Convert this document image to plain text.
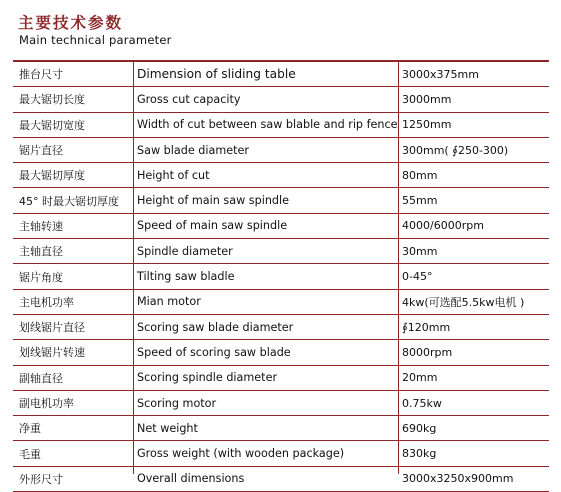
主要技术参数
Main technical parameter
推台尺寸	Dimension of sliding table	3000x375mm
最大锯切长度	Gross cut capacity	3000mm
最大锯切宽度	Width of cut between saw blable and rip fence 1250mm
锯片直径	Saw blade diameter	300mm( ∮250-300)
最大锯切厚度	Height of cut	80mm
45° 时最大锯切厚度	Height of main saw spindle	55mm
主轴转速	Speed of main saw spindle	4000/6000rpm
主轴直径	Spindle diameter	30mm
锯片角度	Tilting saw bladle	0-45°
主电机功率	Mian motor	4kw(可选配5.5kw电机 )
划线锯片直径	Scoring saw blade diameter	∮120mm
划线锯片转速	Speed of scoring saw blade	8000rpm
副轴直径	Scoring spindle diameter	20mm
副电机功率	Scoring motor	0.75kw
净重	Net weight	690kg
毛重	Gross weight (with wooden package)	830kg
外形尺寸	Overall dimensions	3000x3250x900mm
